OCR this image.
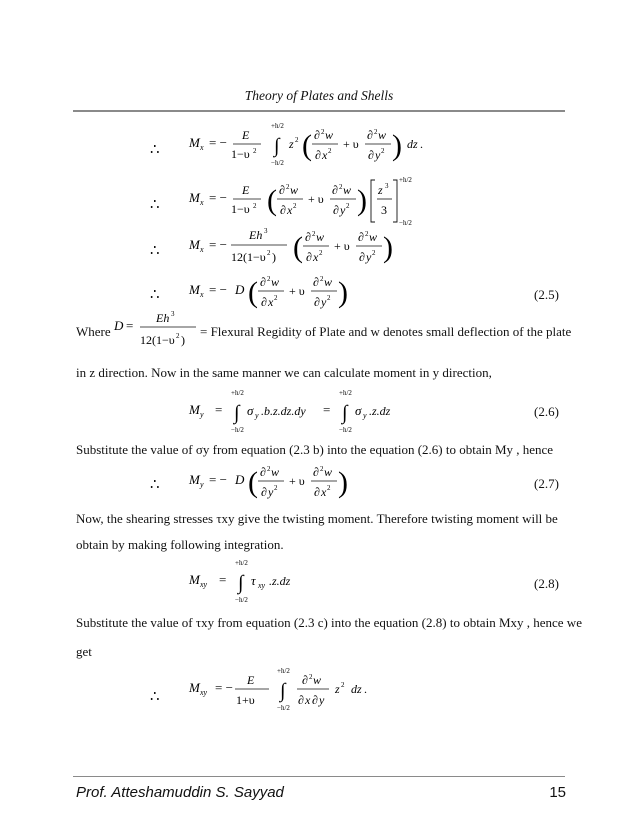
Theory of Plates and Shells
∴ M x = − E
1−υ 2
+h/2
∫
−h/2
z 2 ( ∂ 2 w
∂ x 2 + υ
∂ 2 w
∂ y 2 ) dz .
∴ M x = − E
1−υ 2 ( ∂ 2 w
∂ x 2 + υ
∂ 2 w
∂ y 2 ) z 3
3
+h/2
−h/2
∴ M x = −
Eh 3
12(1−υ 2 ) ( ∂ 2 w
∂ x 2 + υ
∂ 2 w
∂ y 2 )
∴ M x = − D ( ∂ 2 w
∂ x 2 + υ
∂ 2 w
∂ y 2 )	(2.5)
Where D = Eh 3
12(1−υ 2 )
= Flexural Regidity of Plate and w denotes small deflection of the plate
in z direction. Now in the same manner we can calculate moment in y direction,
M y =
+h/2
∫
−h/2
σ y .b.z.dz.dy =
+h/2
∫
−h/2
σ y .z.dz	(2.6)
Substitute the value of σy from equation (2.3 b) into the equation (2.6) to obtain My , hence
∴ M y = − D ( ∂ 2 w
∂ y 2 + υ
∂ 2 w
∂ x 2 )	(2.7)
Now, the shearing stresses τxy give the twisting moment. Therefore twisting moment will be
obtain by making following integration.
M xy =
+h/2
∫
−h/2
τ xy .z.dz	(2.8)
Substitute the value of τxy from equation (2.3 c) into the equation (2.8) to obtain Mxy , hence we
get
∴
M xy = − E
1+υ
+h/2
∫
−h/2
∂ 2 w
∂ x ∂ y
z 2 dz .
Prof. Atteshamuddin S. Sayyad	15
